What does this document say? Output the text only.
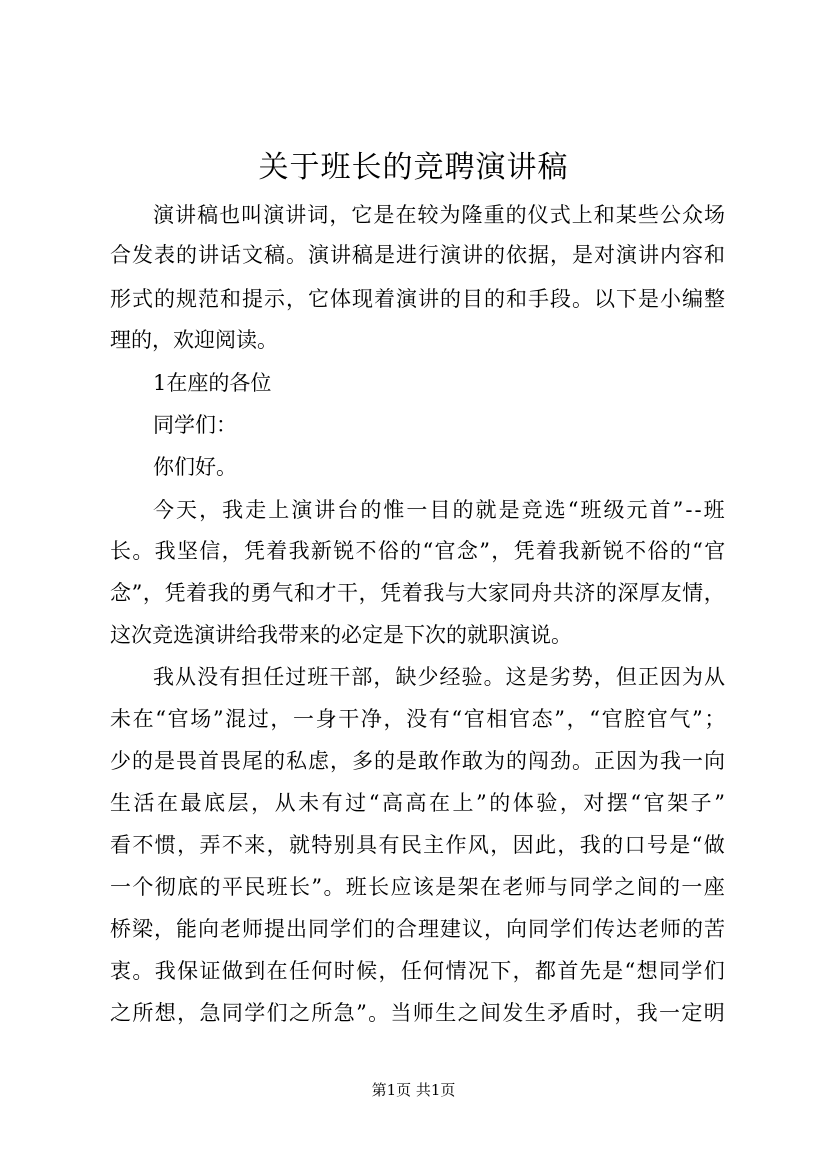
关于班长的竞聘演讲稿
演讲稿也叫演讲词，它是在较为隆重的仪式上和某些公众场
合发表的讲话文稿。演讲稿是进行演讲的依据，是对演讲内容和
形式的规范和提示，它体现着演讲的目的和手段。以下是小编整
理的，欢迎阅读。
1在座的各位
同学们：
你们好。
今天，我走上演讲台的惟一目的就是竞选“班级元首”--班
长。我坚信，凭着我新锐不俗的“官念”，凭着我新锐不俗的“官
念”，凭着我的勇气和才干，凭着我与大家同舟共济的深厚友情，
这次竞选演讲给我带来的必定是下次的就职演说。
我从没有担任过班干部，缺少经验。这是劣势，但正因为从
未在“官场”混过，一身干净，没有“官相官态”，“官腔官气”；
少的是畏首畏尾的私虑，多的是敢作敢为的闯劲。正因为我一向
生活在最底层，从未有过“高高在上”的体验，对摆“官架子”
看不惯，弄不来，就特别具有民主作风，因此，我的口号是“做
一个彻底的平民班长”。班长应该是架在老师与同学之间的一座
桥梁，能向老师提出同学们的合理建议，向同学们传达老师的苦
衷。我保证做到在任何时候，任何情况下，都首先是“想同学们
之所想，急同学们之所急”。当师生之间发生矛盾时，我一定明
第1页 共1页
